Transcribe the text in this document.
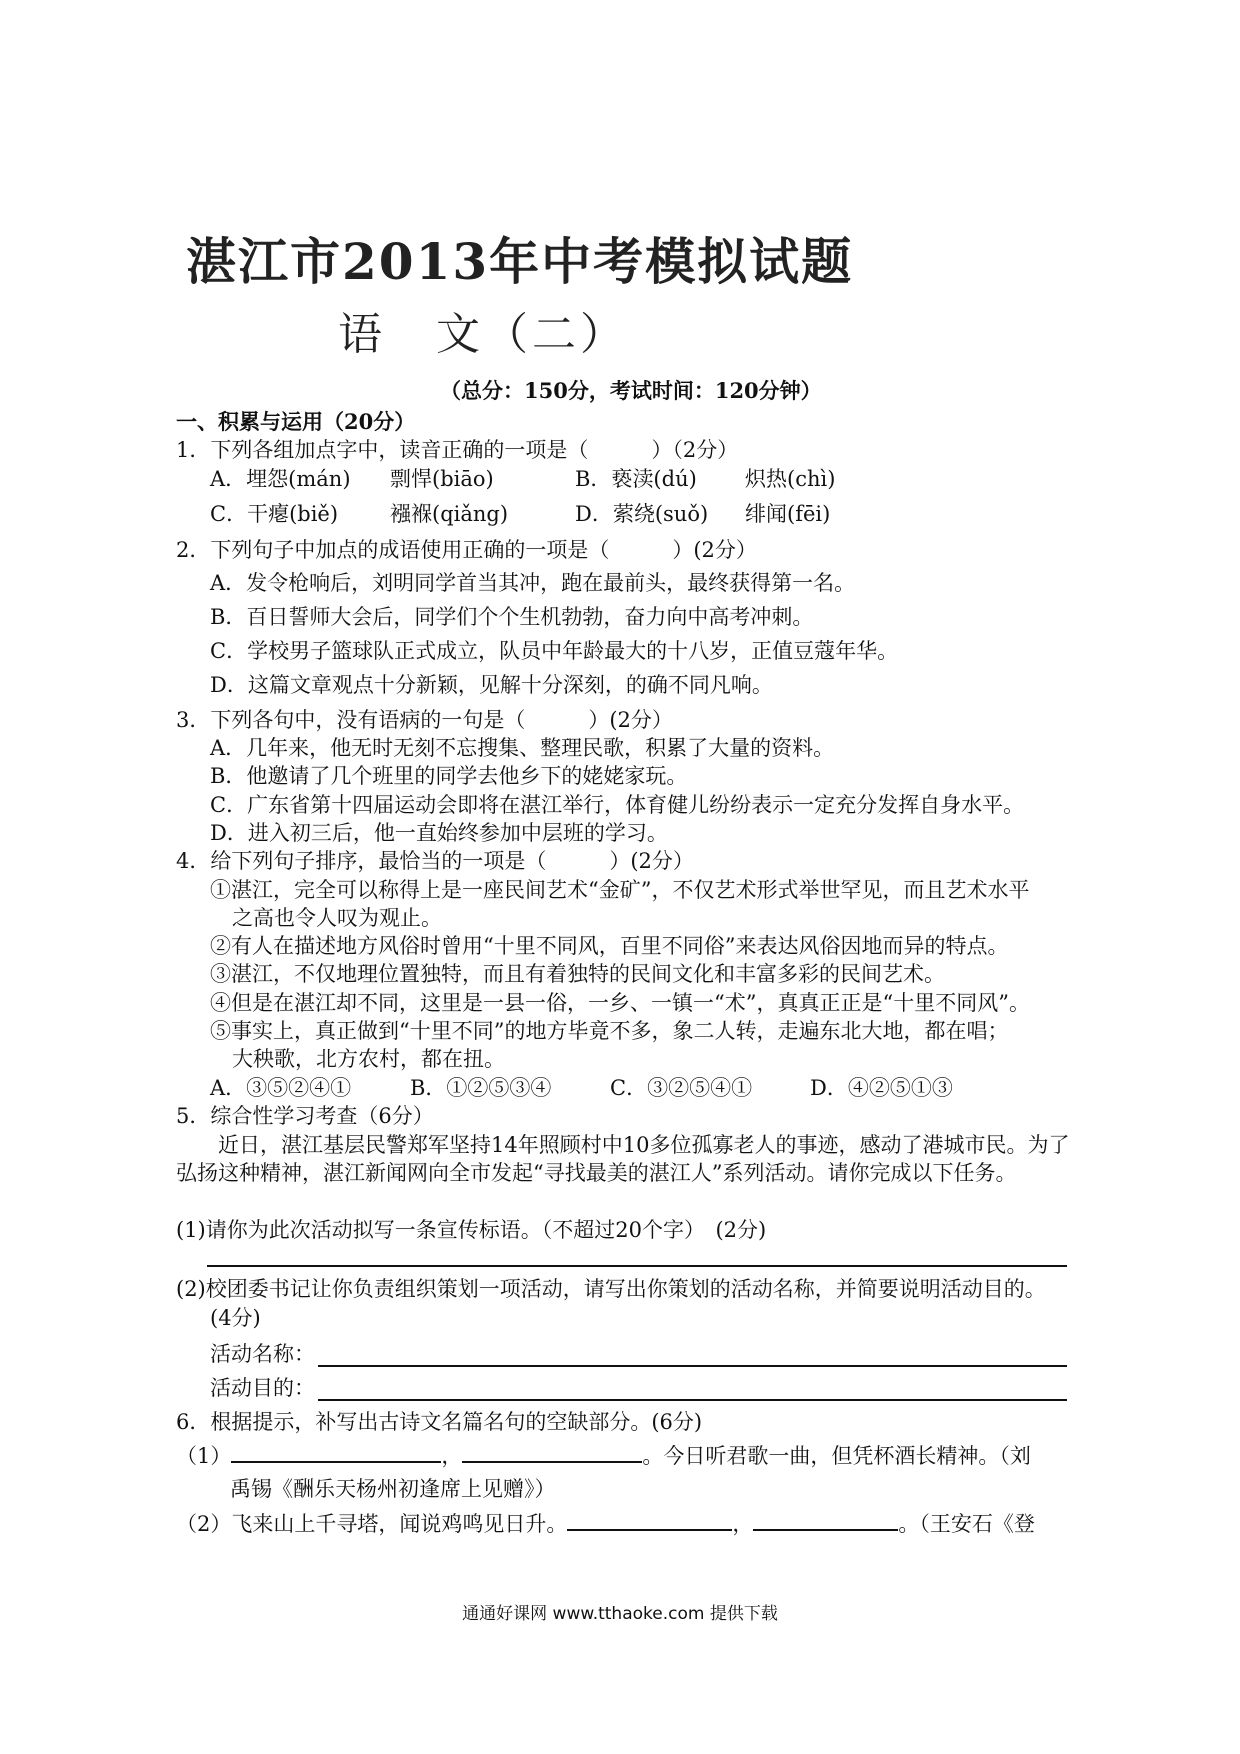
湛江市2013年中考模拟试题
语 文（二）
（总分：150分，考试时间：120分钟）
一、积累与运用（20分）
1．下列各组加点字中，读音正确的一项是（　　　）（2分）
A．埋怨(mán) 剽悍(biāo)	B．亵渎(dú) 炽热(chì)
C．干瘪(biě) 襁褓(qiǎng)	D．萦绕(suǒ) 绯闻(fēi)
2．下列句子中加点的成语使用正确的一项是（　　　）(2分）
A．发令枪响后，刘明同学首当其冲，跑在最前头，最终获得第一名。
B．百日誓师大会后，同学们个个生机勃勃，奋力向中高考冲刺。
C．学校男子篮球队正式成立，队员中年龄最大的十八岁，正值豆蔻年华。
D．这篇文章观点十分新颖，见解十分深刻，的确不同凡响。
3．下列各句中，没有语病的一句是（　　　）(2分）
A．几年来，他无时无刻不忘搜集、整理民歌，积累了大量的资料。
B．他邀请了几个班里的同学去他乡下的姥姥家玩。
C．广东省第十四届运动会即将在湛江举行，体育健儿纷纷表示一定充分发挥自身水平。
D．进入初三后，他一直始终参加中层班的学习。
4．给下列句子排序，最恰当的一项是（　　　）(2分）
①湛江，完全可以称得上是一座民间艺术“金矿”，不仅艺术形式举世罕见，而且艺术水平
之高也令人叹为观止。
②有人在描述地方风俗时曾用“十里不同风，百里不同俗”来表达风俗因地而异的特点。
③湛江，不仅地理位置独特，而且有着独特的民间文化和丰富多彩的民间艺术。
④但是在湛江却不同，这里是一县一俗，一乡、一镇一“术”，真真正正是“十里不同风”。
⑤事实上，真正做到“十里不同”的地方毕竟不多，象二人转，走遍东北大地，都在唱；
大秧歌，北方农村，都在扭。
A．③⑤②④①	B．①②⑤③④	C．③②⑤④①	D．④②⑤①③
5．综合性学习考查（6分）
近日，湛江基层民警郑军坚持14年照顾村中10多位孤寡老人的事迹，感动了港城市民。为了弘扬这种精神，湛江新闻网向全市发起“寻找最美的湛江人”系列活动。请你完成以下任务。
(1)请你为此次活动拟写一条宣传标语。（不超过20个字）　(2分)
(2)校团委书记让你负责组织策划一项活动，请写出你策划的活动名称，并简要说明活动目的。
(4分)
活动名称：
活动目的：
6．根据提示，补写出古诗文名篇名句的空缺部分。(6分)
（1）	，	。今日听君歌一曲，但凭杯酒长精神。（刘
禹锡《酬乐天杨州初逢席上见赠》）
（2）飞来山上千寻塔，闻说鸡鸣见日升。	，	。（王安石《登
通通好课网 www.tthaoke.com 提供下载
